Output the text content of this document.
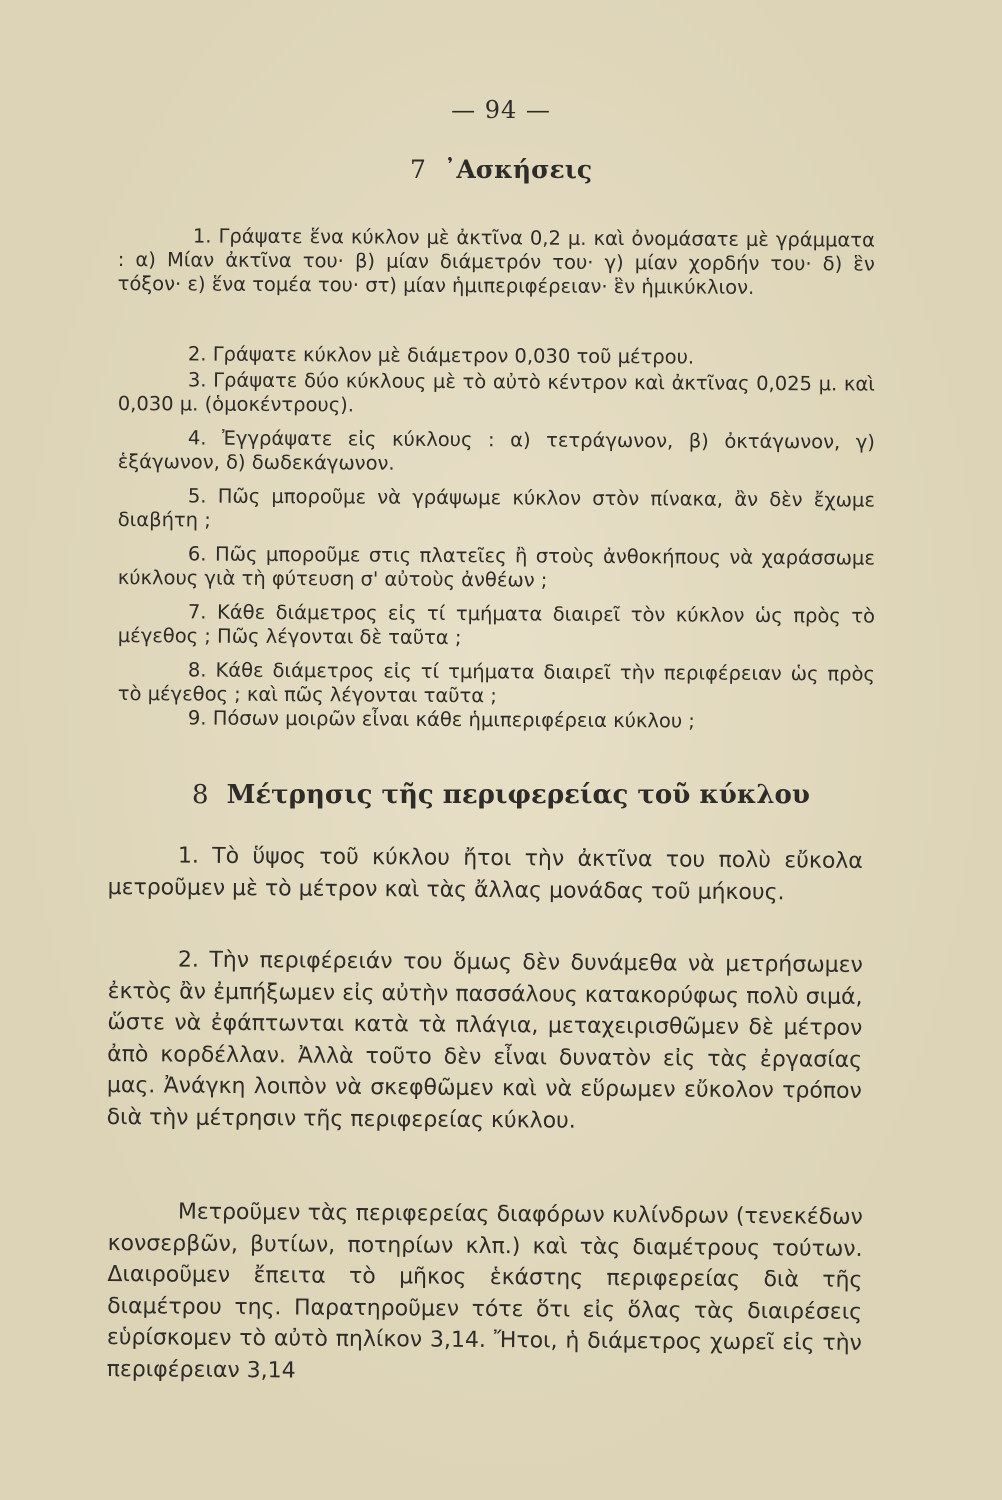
— 94 —
7 ᾿Ασκήσεις

1. Γράψατε ἕνα κύκλον μὲ ἀκτῖνα 0,2 μ. καὶ ὀνομάσατε μὲ γράμματα : α) Μίαν ἀκτῖνα του· β) μίαν διάμετρόν του· γ) μίαν χορδήν του· δ) ἓν τόξον· ε) ἕνα τομέα του· στ) μίαν ἡμιπεριφέρειαν· ἓν ἡμικύκλιον.

2. Γράψατε κύκλον μὲ διάμετρον 0,030 τοῦ μέτρου.

3. Γράψατε δύο κύκλους μὲ τὸ αὐτὸ κέντρον καὶ ἀκτῖνας 0,025 μ. καὶ 0,030 μ. (ὁμοκέντρους).

4. Ἐγγράψατε εἰς κύκλους : α) τετράγωνον, β) ὀκτάγωνον, γ) ἑξάγωνον, δ) δωδεκάγωνον.

5. Πῶς μποροῦμε νὰ γράψωμε κύκλον στὸν πίνακα, ἂν δὲν ἔχωμε διαβήτη ;

6. Πῶς μποροῦμε στις πλατεῖες ἢ στοὺς ἀνθοκήπους νὰ χαράσσωμε κύκλους γιὰ τὴ φύτευση σ' αὐτοὺς ἀνθέων ;

7. Κάθε διάμετρος εἰς τί τμήματα διαιρεῖ τὸν κύκλον ὡς πρὸς τὸ μέγεθος ; Πῶς λέγονται δὲ ταῦτα ;

8. Κάθε διάμετρος εἰς τί τμήματα διαιρεῖ τὴν περιφέρειαν ὡς πρὸς τὸ μέγεθος ; καὶ πῶς λέγονται ταῦτα ;

9. Πόσων μοιρῶν εἶναι κάθε ἡμιπεριφέρεια κύκλου ;

8 Μέτρησις τῆς περιφερείας τοῦ κύκλου

1. Τὸ ὕψος τοῦ κύκλου ἤτοι τὴν ἀκτῖνα του πολὺ εὔκολα μετροῦμεν μὲ τὸ μέτρον καὶ τὰς ἄλλας μονάδας τοῦ μήκους.

2. Τὴν περιφέρειάν του ὅμως δὲν δυνάμεθα νὰ μετρήσωμεν ἐκτὸς ἂν ἐμπήξωμεν εἰς αὐτὴν πασσάλους κατακορύφως πολὺ σιμά, ὥστε νὰ ἐφάπτωνται κατὰ τὰ πλάγια, μεταχειρισθῶμεν δὲ μέτρον ἀπὸ κορδέλλαν. Ἀλλὰ τοῦτο δὲν εἶναι δυνατὸν εἰς τὰς ἐργασίας μας. Ἀνάγκη λοιπὸν νὰ σκεφθῶμεν καὶ νὰ εὕρωμεν εὔκολον τρόπον διὰ τὴν μέτρησιν τῆς περιφερείας κύκλου.

Μετροῦμεν τὰς περιφερείας διαφόρων κυλίνδρων (τενεκέδων κονσερβῶν, βυτίων, ποτηρίων κλπ.) καὶ τὰς διαμέτρους τούτων. Διαιροῦμεν ἔπειτα τὸ μῆκος ἑκάστης περιφερείας διὰ τῆς διαμέτρου της. Παρατηροῦμεν τότε ὅτι εἰς ὅλας τὰς διαιρέσεις εὑρίσκομεν τὸ αὐτὸ πηλίκον 3,14. Ἤτοι, ἡ διάμετρος χωρεῖ εἰς τὴν περιφέρειαν 3,14
